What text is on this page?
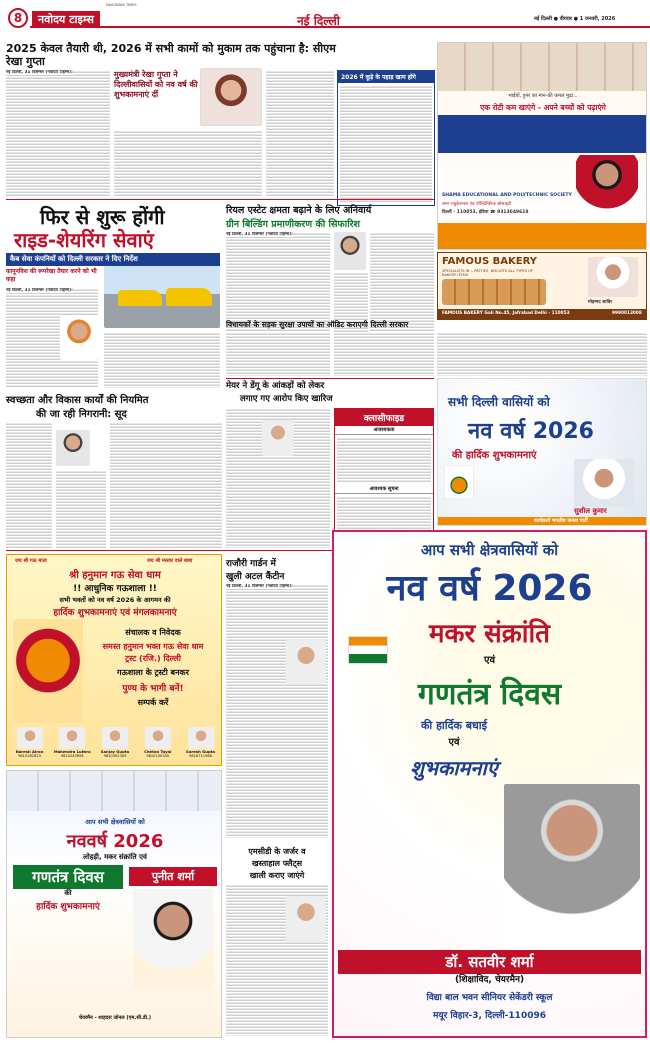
8	नवोदय टाइम्स
NAVODAYA TIMES
नई दिल्ली	नई दिल्ली ● वीरवार ● 1 जनवरी, 2026
2025 केवल तैयारी थी, 2026 में सभी कामों को मुकाम तक पहुंचाना है: सीएम रेखा गुप्ता
नई दिल्ली, 31 दिसम्बर (नवोदय टाइम्स):	मुख्यमंत्री रेखा गुप्ता ने दिल्लीवासियों को नव वर्ष की शुभकामनाएं दीं
2026 में कूड़े के पहाड़ खत्म होंगे
भाईयों, हुनर का मान-की कमल मुद्रा...
एक रोटी कम खाएंगे - अपने बच्चों को पढ़ाएंगे
SHAMA EDUCATIONAL AND POLYTECHNIC SOCIETY
शमा एजुकेशनल एंड पॉलिटेक्निक सोसाइटी
दिल्ली - 110053, इंडिया ☎ 9313049618
फिर से शुरू होंगी
राइड-शेयरिंग सेवाएं
कैब सेवा कंपनियों को दिल्ली सरकार ने दिए निर्देश
कानूनविश की रूपरेखा तैयार करने को भी कहा
नई दिल्ली, 31 दिसम्बर (नवोदय टाइम्स):
रियल एस्टेट क्षमता बढ़ाने के लिए अनिवार्य
ग्रीन बिल्डिंग प्रमाणीकरण की सिफारिश
नई दिल्ली, 31 दिसम्बर (नवोदय टाइम्स):
FAMOUS BAKERY
SPECIALISTS IN :- PATTIES, BISCUITS ALL TYPES OF BAKERY ITEMS
मोहम्मद साबिर
FAMOUS BAKERY Gali No.45, Jafrabad Delhi - 110053	9990013008
विधायकों के सड़क सुरक्षा उपायों का ऑडिट कराएगी दिल्ली सरकार
सभी दिल्ली वासियों को
नव वर्ष 2026
की हार्दिक शुभकामनाएं
सुशील कुमार
कार्यकर्ता भारतीय जनता पार्टी
स्वच्छता और विकास कार्यों की नियमित
की जा रही निगरानी: सूद
मेयर ने डेंगू के आंकड़ों को लेकर
लगाए गए आरोप किए खारिज
क्लासीफाइड
आवश्यकता
आवश्यक सूचना
जय श्री गऊ माता	जय श्री मस्तार वाले बाबा
श्री हनुमान गऊ सेवा धाम
!! आधुनिक गऊशाला !!
सभी भक्तों को नव वर्ष 2026 के आगमन की
हार्दिक शुभकामनाएं एवं मंगलकामनाएं
संचालक व निवेदक
समस्त हनुमान भक्त गऊ सेवा धाम
ट्रस्ट (रजि.) दिल्ली
गऊशाला के ट्रस्टी बनकर
पुण्य के भागी बनें!
सम्पर्क करें
Naresh Airan
9810282823
Mahendra Luthra
9810243694
Sanjay Gupta
9810302309
Chetan Tayal
9810100330
Suresh Gupta
9818711966
आप सभी क्षेत्रवासियों को
नववर्ष 2026
लोहड़ी, मकर संक्रांति एवं
गणतंत्र दिवस
की
हार्दिक शुभकामनाएं
पुनीत शर्मा
चेयरमैन - शाहदरा जोनल (एम.सी.डी.)
राजौरी गार्डन में
खुली अटल कैंटीन
नई दिल्ली, 31 दिसम्बर (नवोदय टाइम्स):
एमसीडी के जर्जर व
खस्ताहाल फ्लैट्स
खाली कराए जाएंगे
आप सभी क्षेत्रवासियों को
नव वर्ष 2026
मकर संक्रांति
एवं
गणतंत्र दिवस
की हार्दिक बधाई
एवं
शुभकामनाएं
डॉ. सतवीर शर्मा
(शिक्षाविद, चेयरमैन)
विद्या बाल भवन सीनियर सेकेंडरी स्कूल
मयूर विहार-3, दिल्ली-110096
